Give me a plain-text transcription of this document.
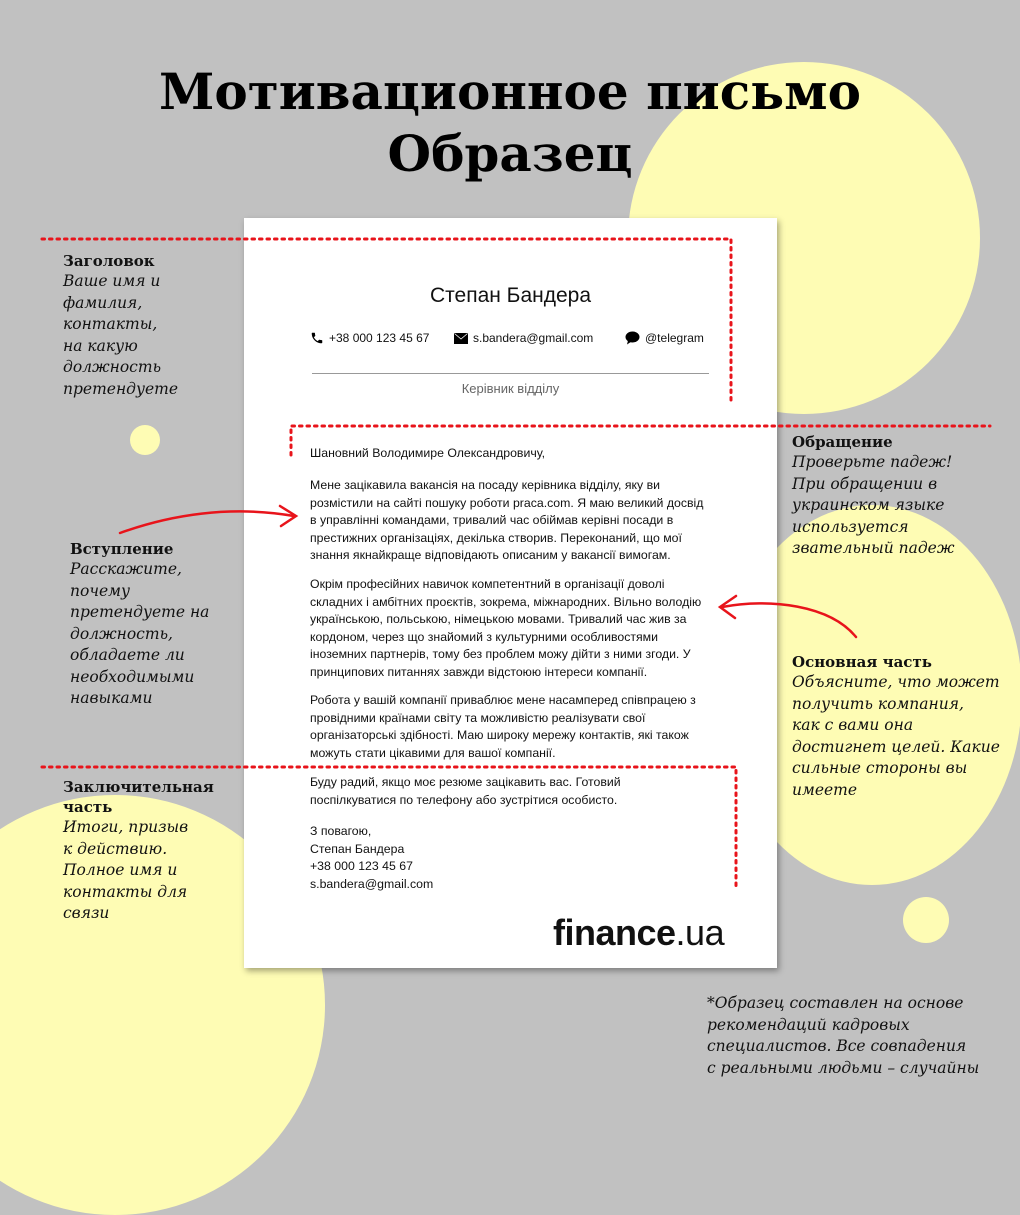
Мотивационное письмо
Образец
Степан Бандера
+38 000 123 45 67	s.bandera@gmail.com	@telegram
Керівник відділу

Шановний Володимире Олександровичу,

Мене зацікавила вакансія на посаду керівника відділу, яку ви
розмістили на сайті пошуку роботи praca.com. Я маю великий досвід
в управлінні командами, тривалий час обіймав керівні посади в
престижних організаціях, декілька створив. Переконаний, що мої
знання якнайкраще відповідають описаним у вакансії вимогам.

Окрім професійних навичок компетентний в організації доволі
складних і амбітних проєктів, зокрема, міжнародних. Вільно володію
українською, польською, німецькою мовами. Тривалий час жив за
кордоном, через що знайомий з культурними особливостями
іноземних партнерів, тому без проблем можу дійти з ними згоди. У
принципових питаннях завжди відстоюю інтереси компанії.

Робота у вашій компанії приваблює мене насамперед співпрацею з
провідними країнами світу та можливістю реалізувати свої
організаторські здібності. Маю широку мережу контактів, які також
можуть стати цікавими для вашої компанії.

Буду радий, якщо моє резюме зацікавить вас. Готовий
поспілкуватися по телефону або зустрітися особисто.

З повагою,
Степан Бандера
+38 000 123 45 67
s.bandera@gmail.com

finance.ua
Заголовок

Ваше имя и
фамилия,
контакты,
на какую
должность
претендуете

Вступление

Расскажите,
почему
претендуете на
должность,
обладаете ли
необходимыми
навыками

Заключительная
часть

Итоги, призыв
к действию.
Полное имя и
контакты для
связи

Обращение

Проверьте падеж!
При обращении в
украинском языке
используется
звательный падеж

Основная часть

Объясните, что может
получить компания,
как с вами она
достигнет целей. Какие
сильные стороны вы
имеете

*Образец составлен на основе
рекомендаций кадровых
специалистов. Все совпадения
с реальными людьми – случайны
